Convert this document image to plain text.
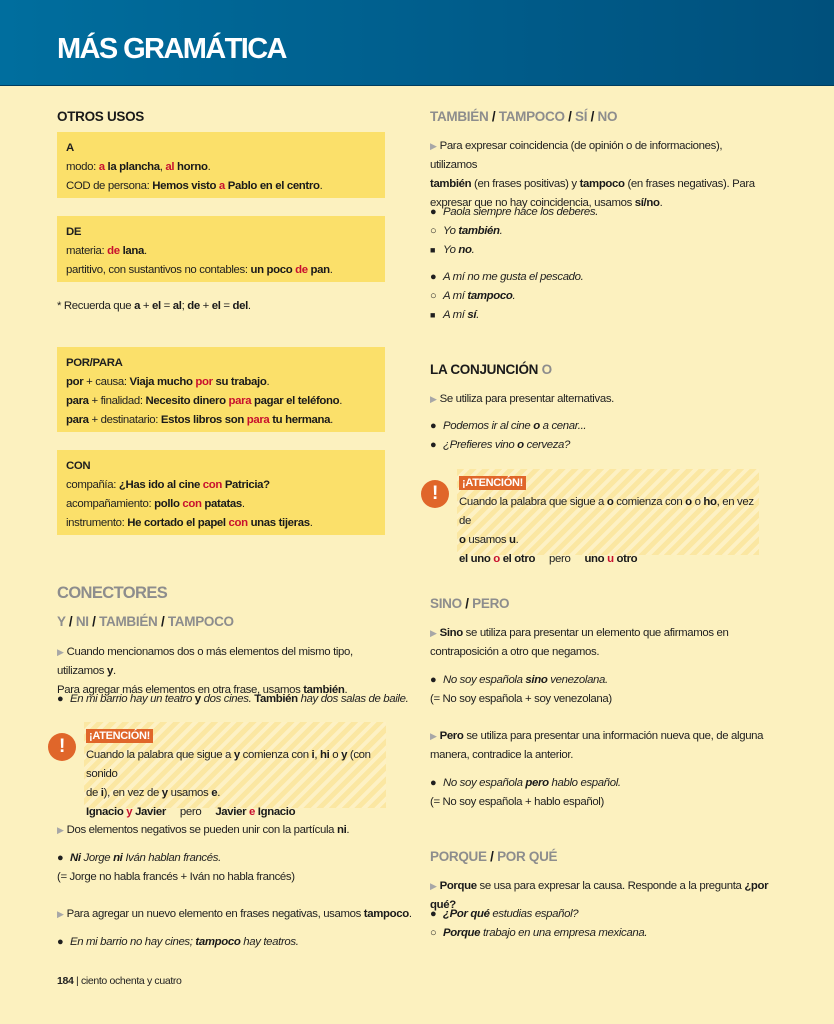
MÁS GRAMÁTICA
OTROS USOS
A
modo: a la plancha, al horno.
COD de persona: Hemos visto a Pablo en el centro.
DE
materia: de lana.
partitivo, con sustantivos no contables: un poco de pan.
* Recuerda que a + el = al; de + el = del.
POR/PARA
por + causa: Viaja mucho por su trabajo.
para + finalidad: Necesito dinero para pagar el teléfono.
para + destinatario: Estos libros son para tu hermana.
CON
compañía: ¿Has ido al cine con Patricia?
acompañamiento: pollo con patatas.
instrumento: He cortado el papel con unas tijeras.
CONECTORES
Y / NI / TAMBIÉN / TAMPOCO
▶ Cuando mencionamos dos o más elementos del mismo tipo, utilizamos y.
Para agregar más elementos en otra frase, usamos también.
● En mi barrio hay un teatro y dos cines. También hay dos salas de baile.
!	¡ATENCIÓN!
Cuando la palabra que sigue a y comienza con i, hi o y (con sonido
de i), en vez de y usamos e.
Ignacio y Javier pero Javier e Ignacio
▶ Dos elementos negativos se pueden unir con la partícula ni.
● Ni Jorge ni Iván hablan francés.
(= Jorge no habla francés + Iván no habla francés)
▶ Para agregar un nuevo elemento en frases negativas, usamos tampoco.
● En mi barrio no hay cines; tampoco hay teatros.
TAMBIÉN / TAMPOCO / SÍ / NO
▶ Para expresar coincidencia (de opinión o de informaciones), utilizamos
también (en frases positivas) y tampoco (en frases negativas). Para
expresar que no hay coincidencia, usamos sí/no.
● Paola siempre hace los deberes.
○ Yo también.
■ Yo no.
● A mí no me gusta el pescado.
○ A mí tampoco.
■ A mí sí.
LA CONJUNCIÓN O
▶ Se utiliza para presentar alternativas.
● Podemos ir al cine o a cenar...
● ¿Prefieres vino o cerveza?
!	¡ATENCIÓN!
Cuando la palabra que sigue a o comienza con o o ho, en vez de
o usamos u.
el uno o el otro pero uno u otro
SINO / PERO
▶ Sino se utiliza para presentar un elemento que afirmamos en
contraposición a otro que negamos.
● No soy española sino venezolana.
(= No soy española + soy venezolana)
▶ Pero se utiliza para presentar una información nueva que, de alguna
manera, contradice la anterior.
● No soy española pero hablo español.
(= No soy española + hablo español)
PORQUE / POR QUÉ
▶ Porque se usa para expresar la causa. Responde a la pregunta ¿por qué?
● ¿Por qué estudias español?
○ Porque trabajo en una empresa mexicana.
184 | ciento ochenta y cuatro
